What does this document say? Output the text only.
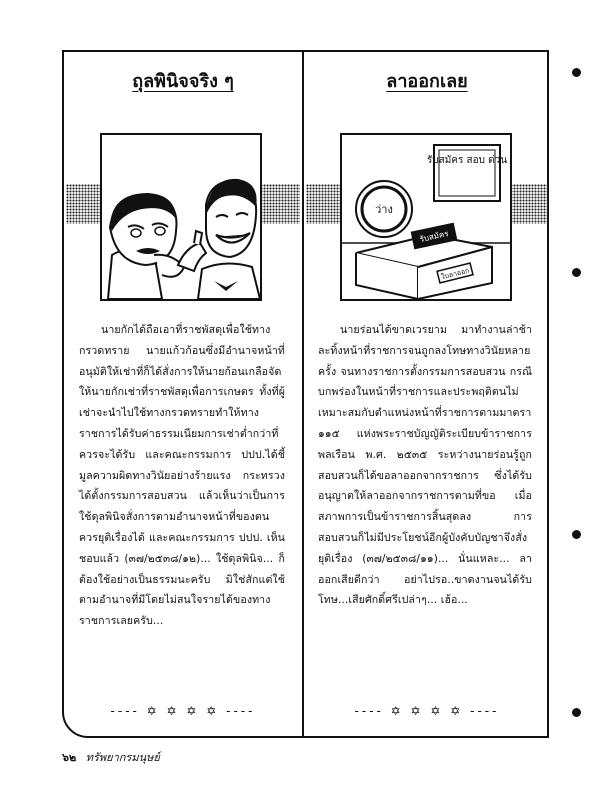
ถุลพินิจจริง ๆ

นายกักได้ถือเอาที่ราชพัสดุเพื่อใช้ทางกรวดทราย นายแก้วก้อนซึ่งมีอำนาจหน้าที่อนุมัติให้เช่าที่ก็ได้สั่งการให้นายก้อนเกลือจัดให้นายกักเช่าที่ราชพัสดุเพื่อการเกษตร ทั้งที่ผู้เช่าจะนำไปใช้ทางกรวดทรายทำให้ทางราชการได้รับค่าธรรมเนียมการเช่าต่ำกว่าที่ควรจะได้รับ และคณะกรรมการ ปปป.ได้ชี้มูลความผิดทางวินัยอย่างร้ายแรง กระทรวงได้ตั้งกรรมการสอบสวน แล้วเห็นว่าเป็นการใช้ดุลพินิจสั่งการตามอำนาจหน้าที่ของตน ควรยุติเรื่องได้ และคณะกรรมการ ปปป. เห็นชอบแล้ว (๓๗/๒๕๓๘/๑๒)... ใช้ดุลพินิจ... ก็ต้องใช้อย่างเป็นธรรมนะครับ มิใช่สักแต่ใช้ตามอำนาจที่มีโดยไม่สนใจรายได้ของทางราชการเลยครับ...

---- ✡ ✡ ✡ ✡ ----
ลาออกเลย
รับสมัคร สอบ ด่วน
ว่าง
รับสมัคร
ใบลาออก

นายร่อนได้ขาดเวรยาม มาทำงานล่าช้าละทิ้งหน้าที่ราชการจนถูกลงโทษทางวินัยหลายครั้ง จนทางราชการตั้งกรรมการสอบสวน กรณีบกพร่องในหน้าที่ราชการและประพฤติตนไม่เหมาะสมกับตำแหน่งหน้าที่ราชการตามมาตรา ๑๑๕ แห่งพระราชบัญญัติระเบียบข้าราชการพลเรือน พ.ศ. ๒๕๓๕ ระหว่างนายร่อนรู้ถูกสอบสวนก็ได้ขอลาออกจากราชการ ซึ่งได้รับอนุญาตให้ลาออกจากราชการตามที่ขอ เมื่อสภาพการเป็นข้าราชการสิ้นสุดลง การสอบสวนก็ไม่มีประโยชน์อีกผู้บังคับบัญชาจึงสั่งยุติเรื่อง (๓๗/๒๕๓๘/๑๑)... นั่นแหละ... ลาออกเสียดีกว่า อย่าไปรอ..ขาดงานจนได้รับโทษ...เสียศักดิ์ศรีเปล่าๆ... เฮ้อ...

---- ✡ ✡ ✡ ✡ ----
๖๒ ทรัพยากรมนุษย์
